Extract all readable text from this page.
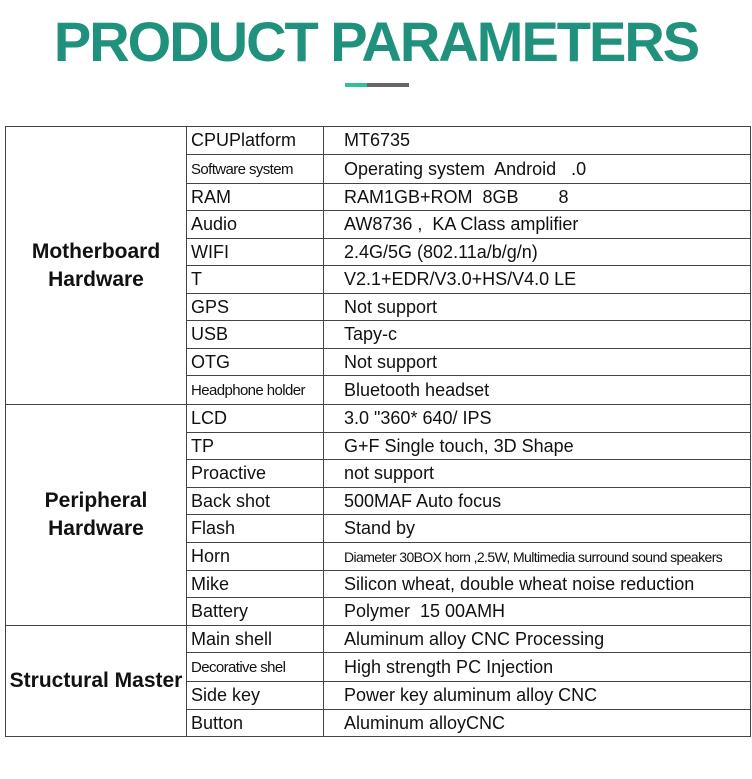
PRODUCT PARAMETERS
Motherboard Hardware	CPUPlatform	MT6735
	Software system	Operating system  Android   .0
	RAM	RAM1GB+ROM  8GB        8
	Audio	AW8736 ,  KA Class amplifier
	WIFI	2.4G/5G (802.11a/b/g/n)
	T	V2.1+EDR/V3.0+HS/V4.0 LE
	GPS	Not support
	USB	Tapy-c
	OTG	Not support
	Headphone holder	Bluetooth headset
Peripheral Hardware	LCD	3.0 "360* 640/ IPS
	TP	G+F Single touch, 3D Shape
	Proactive	not support
	Back shot	500MAF Auto focus
	Flash	Stand by
	Horn	Diameter 30BOX horn ,2.5W, Multimedia surround sound speakers
	Mike	Silicon wheat, double wheat noise reduction
	Battery	Polymer  15 00AMH
Structural Master	Main shell	Aluminum alloy CNC Processing
	Decorative shel	High strength PC Injection
	Side key	Power key aluminum alloy CNC
	Button	Aluminum alloyCNC
